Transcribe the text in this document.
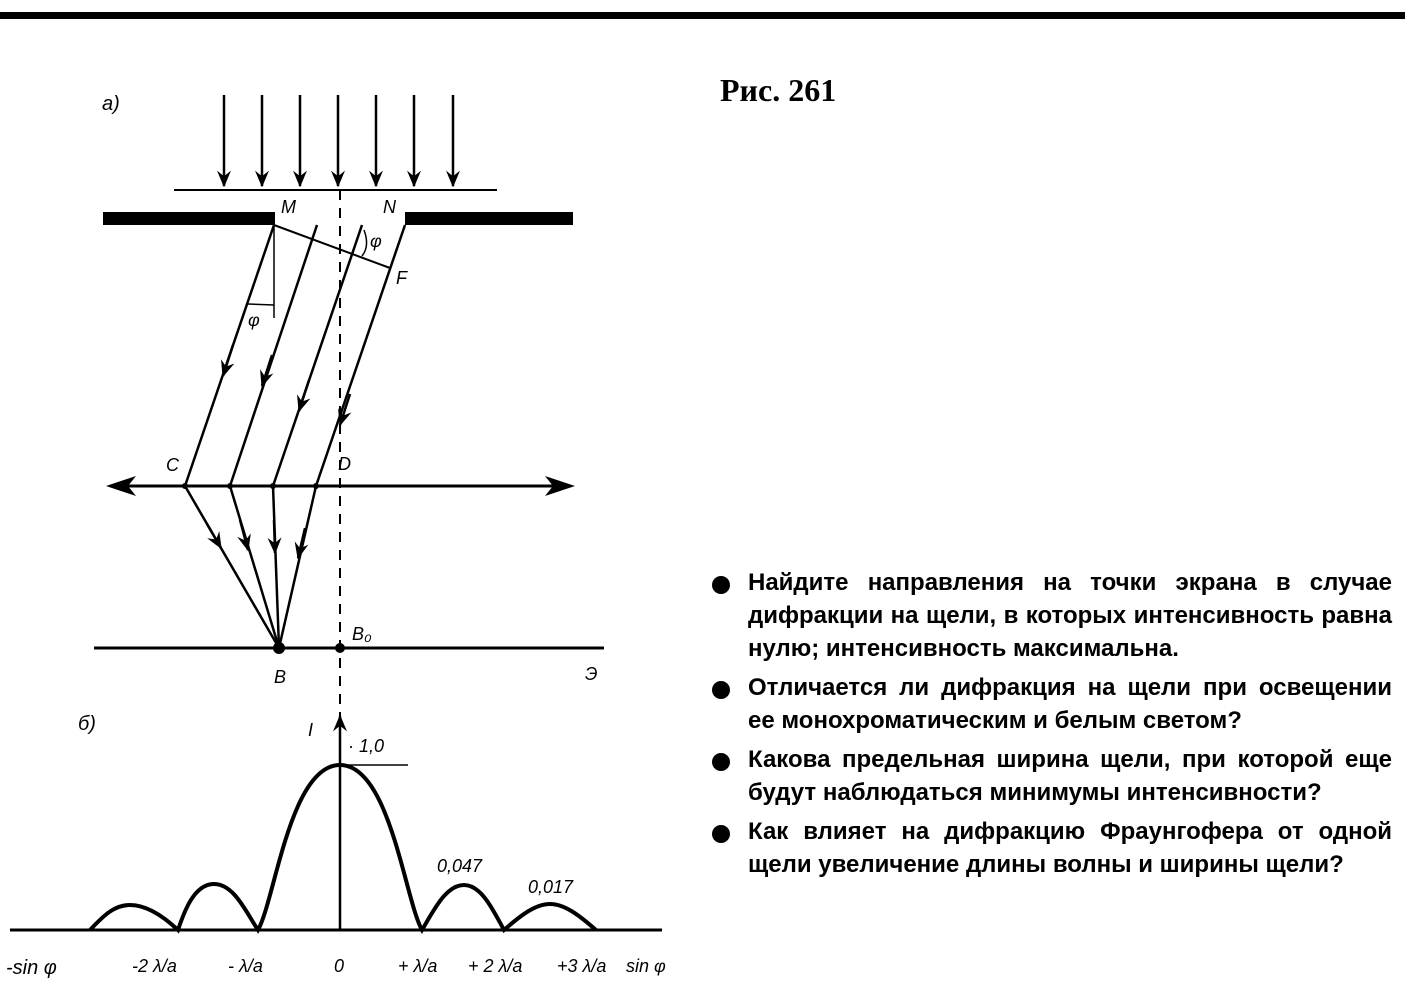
а)
M	N
φ
F
φ
C	D
B
B₀
Э
б)	I
· 1,0
0,047
0,017
-sin φ	-2 λ/a	- λ/a	0	+ λ/a + 2 λ/a +3 λ/a sin φ
Рис. 261
Найдите направления на точки экрана в случае дифракции на щели, в которых интенсивность равна нулю; интенсивность максимальна.
Отличается ли дифракция на щели при освещении ее монохроматическим и белым светом?
Какова предельная ширина щели, при которой еще будут наблюдаться минимумы интенсивности?
Как влияет на дифракцию Фраунгофера от одной щели увеличение длины волны и ширины щели?
